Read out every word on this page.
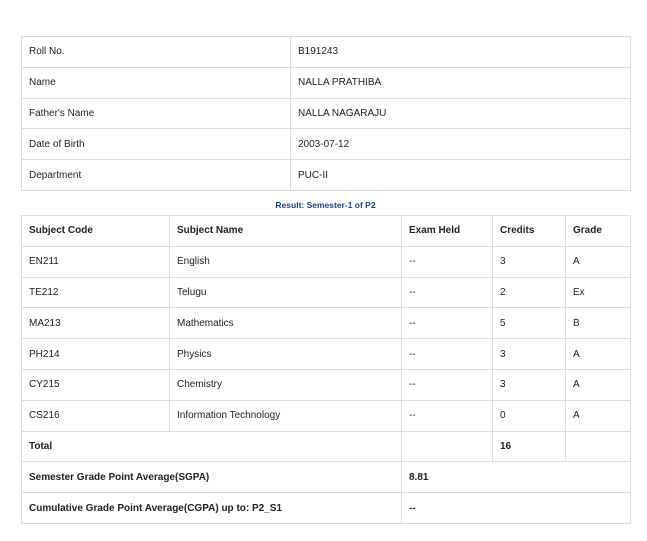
Roll No.	B191243
Name	NALLA PRATHIBA
Father's Name	NALLA NAGARAJU
Date of Birth	2003-07-12
Department	PUC-II
Result: Semester-1 of P2
Subject Code	Subject Name	Exam Held	Credits	Grade
EN211	English	--	3	A
TE212	Telugu	--	2	Ex
MA213	Mathematics	--	5	B
PH214	Physics	--	3	A
CY215	Chemistry	--	3	A
CS216	Information Technology	--	0	A
Total			16	
Semester Grade Point Average(SGPA)		8.81		
Cumulative Grade Point Average(CGPA) up to: P2_S1		--		
